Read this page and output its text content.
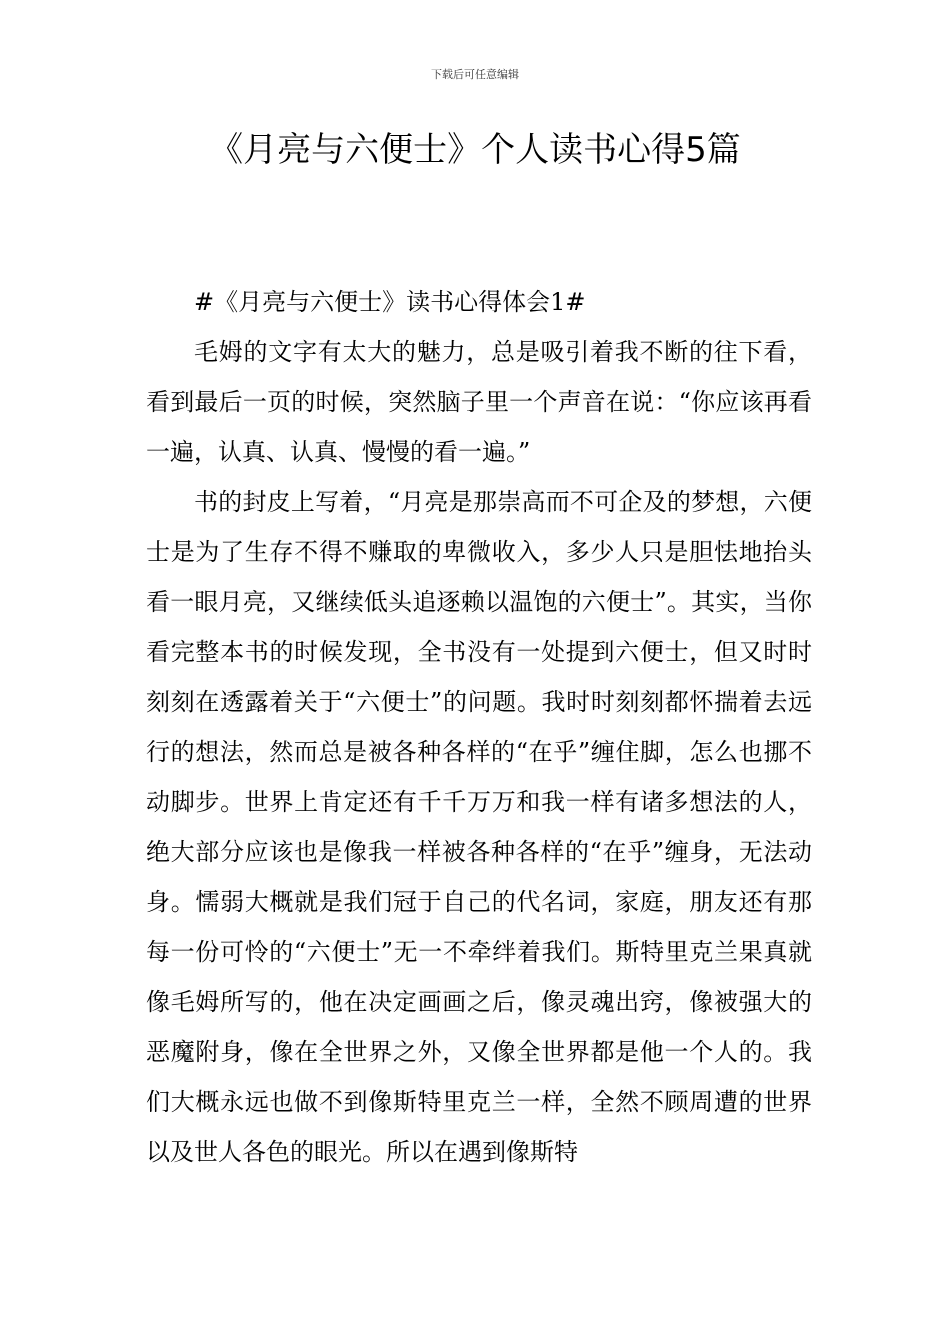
下载后可任意编辑
《月亮与六便士》个人读书心得5篇

#《月亮与六便士》读书心得体会1#

毛姆的文字有太大的魅力，总是吸引着我不断的往下看，看到最后一页的时候，突然脑子里一个声音在说：“你应该再看一遍，认真、认真、慢慢的看一遍。”

书的封皮上写着，“月亮是那崇高而不可企及的梦想，六便士是为了生存不得不赚取的卑微收入，多少人只是胆怯地抬头看一眼月亮，又继续低头追逐赖以温饱的六便士”。其实，当你看完整本书的时候发现，全书没有一处提到六便士，但又时时刻刻在透露着关于“六便士”的问题。我时时刻刻都怀揣着去远行的想法，然而总是被各种各样的“在乎”缠住脚，怎么也挪不动脚步。世界上肯定还有千千万万和我一样有诸多想法的人，绝大部分应该也是像我一样被各种各样的“在乎”缠身，无法动身。懦弱大概就是我们冠于自己的代名词，家庭，朋友还有那每一份可怜的“六便士”无一不牵绊着我们。斯特里克兰果真就像毛姆所写的，他在决定画画之后，像灵魂出窍，像被强大的恶魔附身，像在全世界之外，又像全世界都是他一个人的。我们大概永远也做不到像斯特里克兰一样，全然不顾周遭的世界以及世人各色的眼光。所以在遇到像斯特
